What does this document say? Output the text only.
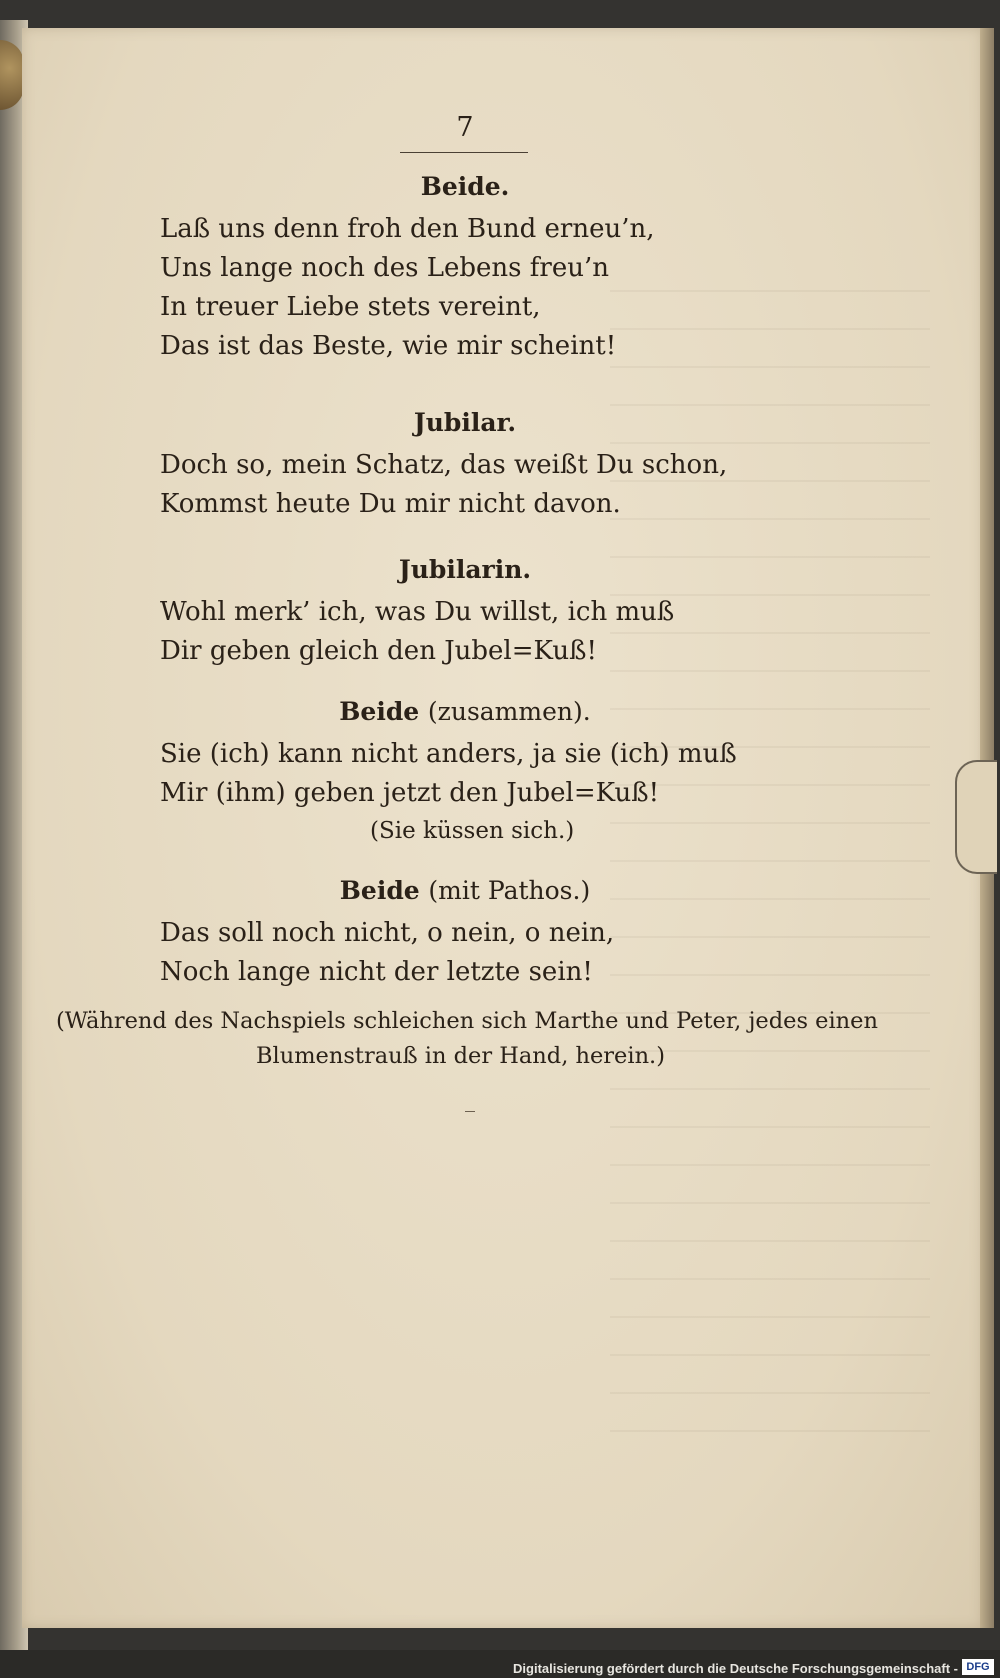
7
Beide.
Laß uns denn froh den Bund erneu’n,
Uns lange noch des Lebens freu’n
In treuer Liebe stets vereint,
Das ist das Beste, wie mir scheint!
Jubilar.
Doch so, mein Schatz, das weißt Du schon,
Kommst heute Du mir nicht davon.
Jubilarin.
Wohl merk’ ich, was Du willst, ich muß
Dir geben gleich den Jubel=Kuß!
Beide (zusammen).
Sie (ich) kann nicht anders, ja sie (ich) muß
Mir (ihm) geben jetzt den Jubel=Kuß!
(Sie küssen sich.)
Beide (mit Pathos.)
Das soll noch nicht, o nein, o nein,
Noch lange nicht der letzte sein!
(Während des Nachspiels schleichen sich Marthe und Peter, jedes einen
Blumenstrauß in der Hand, herein.)
Digitalisierung gefördert durch die Deutsche Forschungsgemeinschaft - DFG
